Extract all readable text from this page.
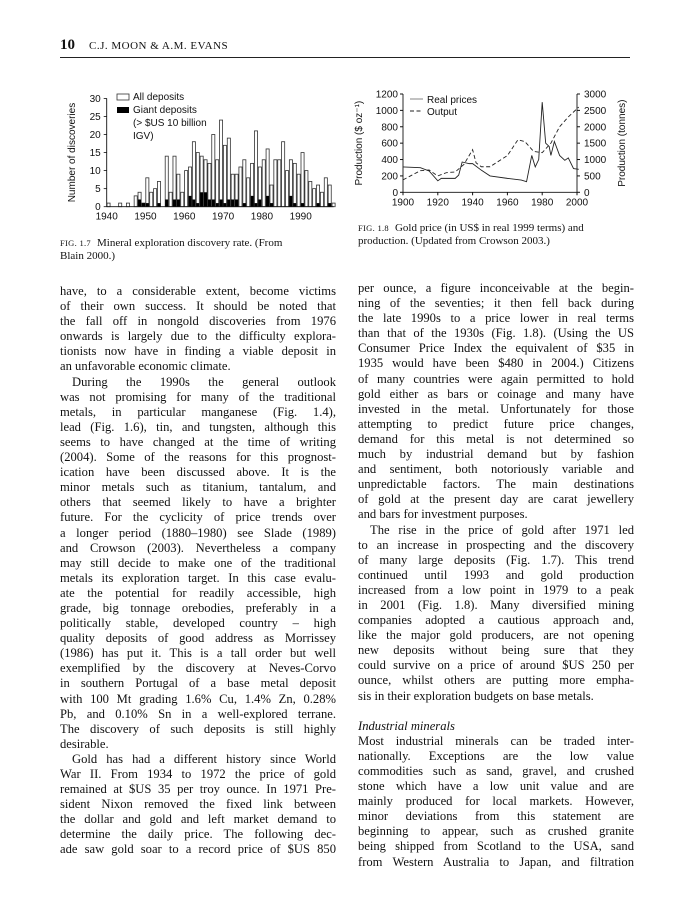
10 C.J. MOON & A.M. EVANS
0
5
10
15
20
25
30
1940 1950 1960 1970 1980 1990
Number of discoveries
All deposits
Giant deposits
(> $US 10 billion
IGV)
0
200
400
600
800
1000
1200
0
500
1000
1500
2000
2500
3000
1900 1920 1940 1960 1980 2000
Production ($ oz⁻¹)	Production (tonnes)
Real prices
Output
FIG. 1.7 Mineral exploration discovery rate. (From
Blain 2000.)
FIG. 1.8 Gold price (in US$ in real 1999 terms) and
production. (Updated from Crowson 2003.)
have, to a considerable extent, become victims
of their own success. It should be noted that
the fall off in nongold discoveries from 1976
onwards is largely due to the difficulty explora-
tionists now have in finding a viable deposit in
an unfavorable economic climate.
During the 1990s the general outlook
was not promising for many of the traditional
metals, in particular manganese (Fig. 1.4),
lead (Fig. 1.6), tin, and tungsten, although this
seems to have changed at the time of writing
(2004). Some of the reasons for this prognost-
ication have been discussed above. It is the
minor metals such as titanium, tantalum, and
others that seemed likely to have a brighter
future. For the cyclicity of price trends over
a longer period (1880–1980) see Slade (1989)
and Crowson (2003). Nevertheless a company
may still decide to make one of the traditional
metals its exploration target. In this case evalu-
ate the potential for readily accessible, high
grade, big tonnage orebodies, preferably in a
politically stable, developed country – high
quality deposits of good address as Morrissey
(1986) has put it. This is a tall order but well
exemplified by the discovery at Neves-Corvo
in southern Portugal of a base metal deposit
with 100 Mt grading 1.6% Cu, 1.4% Zn, 0.28%
Pb, and 0.10% Sn in a well-explored terrane.
The discovery of such deposits is still highly
desirable.
Gold has had a different history since World
War II. From 1934 to 1972 the price of gold
remained at $US 35 per troy ounce. In 1971 Pre-
sident Nixon removed the fixed link between
the dollar and gold and left market demand to
determine the daily price. The following dec-
ade saw gold soar to a record price of $US 850
per ounce, a figure inconceivable at the begin-
ning of the seventies; it then fell back during
the late 1990s to a price lower in real terms
than that of the 1930s (Fig. 1.8). (Using the US
Consumer Price Index the equivalent of $35 in
1935 would have been $480 in 2004.) Citizens
of many countries were again permitted to hold
gold either as bars or coinage and many have
invested in the metal. Unfortunately for those
attempting to predict future price changes,
demand for this metal is not determined so
much by industrial demand but by fashion
and sentiment, both notoriously variable and
unpredictable factors. The main destinations
of gold at the present day are carat jewellery
and bars for investment purposes.
The rise in the price of gold after 1971 led
to an increase in prospecting and the discovery
of many large deposits (Fig. 1.7). This trend
continued until 1993 and gold production
increased from a low point in 1979 to a peak
in 2001 (Fig. 1.8). Many diversified mining
companies adopted a cautious approach and,
like the major gold producers, are not opening
new deposits without being sure that they
could survive on a price of around $US 250 per
ounce, whilst others are putting more empha-
sis in their exploration budgets on base metals.

Industrial minerals
Most industrial minerals can be traded inter-
nationally. Exceptions are the low value
commodities such as sand, gravel, and crushed
stone which have a low unit value and are
mainly produced for local markets. However,
minor deviations from this statement are
beginning to appear, such as crushed granite
being shipped from Scotland to the USA, sand
from Western Australia to Japan, and filtration
